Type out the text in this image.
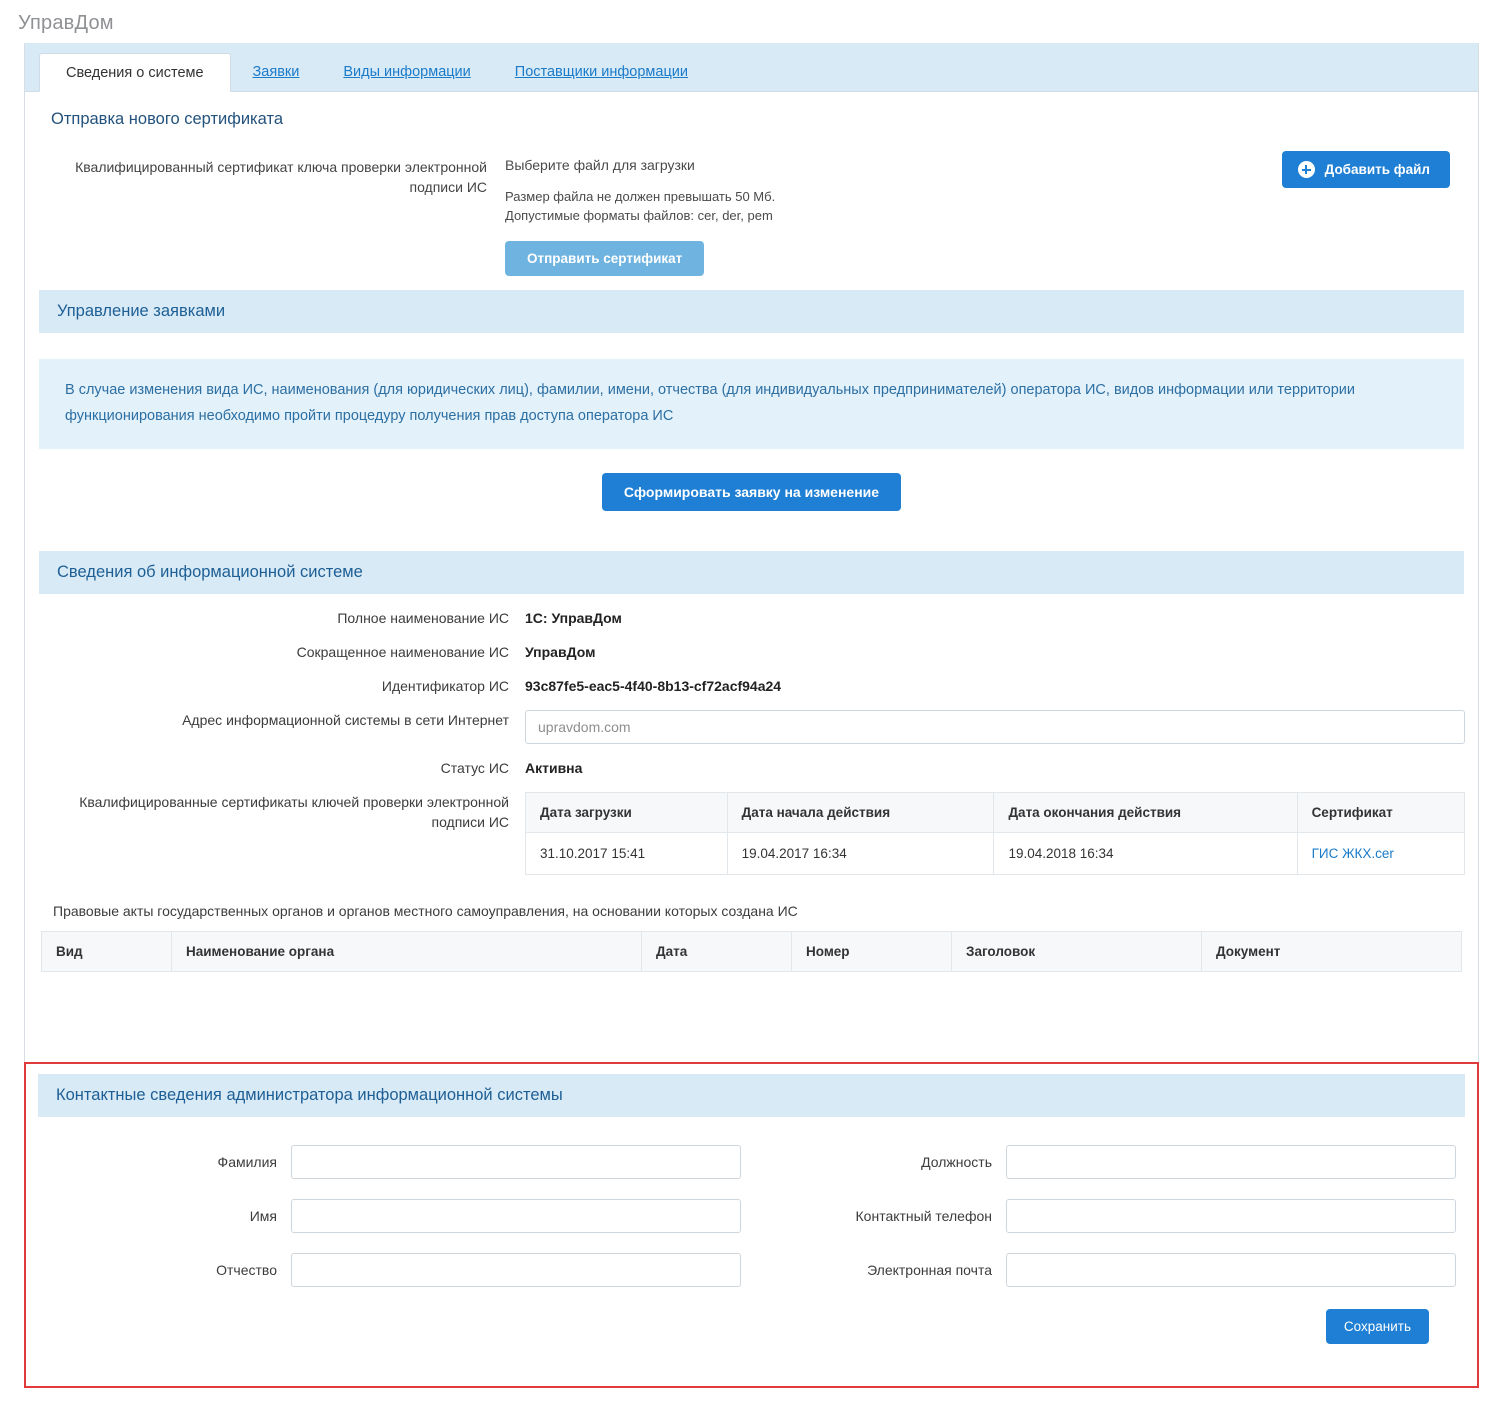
УправДом
Сведения о системе	Заявки	Виды информации	Поставщики информации
Отправка нового сертификата
Квалифицированный сертификат ключа проверки электронной подписи ИС
Выберите файл для загрузки
Размер файла не должен превышать 50 Мб.
Допустимые форматы файлов: cer, der, pem
Отправить сертификат
Добавить файл
Управление заявками
В случае изменения вида ИС, наименования (для юридических лиц), фамилии, имени, отчества (для индивидуальных предпринимателей) оператора ИС, видов информации или территории функционирования необходимо пройти процедуру получения прав доступа оператора ИС
Сформировать заявку на изменение
Сведения об информационной системе
Полное наименование ИС	1С: УправДом
Сокращенное наименование ИС	УправДом
Идентификатор ИС	93c87fe5-eac5-4f40-8b13-cf72acf94a24
Адрес информационной системы в сети Интернет
upravdom.com
Статус ИС	Активна
Квалифицированные сертификаты ключей проверки электронной подписи ИС
Дата загрузки	Дата начала действия	Дата окончания действия	Сертификат
31.10.2017 15:41	19.04.2017 16:34	19.04.2018 16:34	ГИС ЖКХ.cer
Правовые акты государственных органов и органов местного самоуправления, на основании которых создана ИС
Вид	Наименование органа	Дата	Номер	Заголовок	Документ
Контактные сведения администратора информационной системы
Фамилия
Имя
Отчество
Должность
Контактный телефон
Электронная почта
Сохранить
